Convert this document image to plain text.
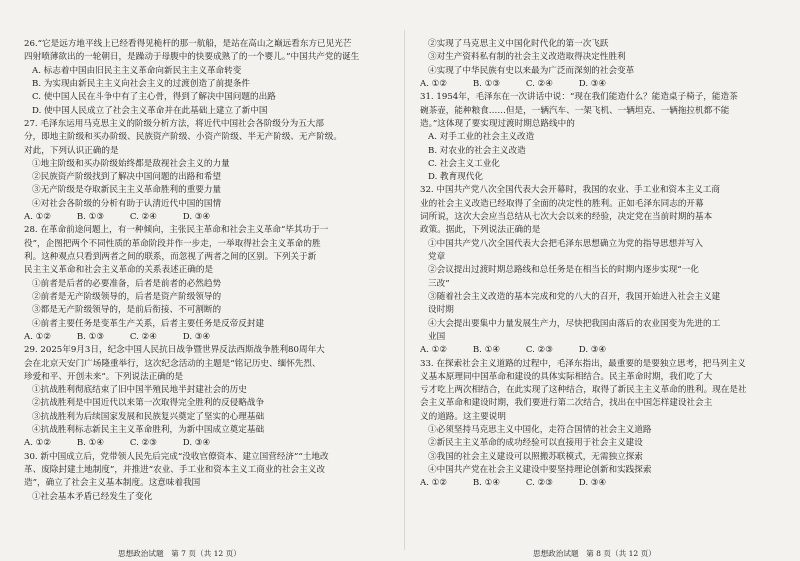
26.“它是远方地平线上已经看得见桅杆的那一航船，是站在高山之巅远看东方已见光芒
四射喷薄欲出的一轮朝日，是躁动于母腹中的快要成熟了的一个婴儿。”中国共产党的诞生
A. 标志着中国由旧民主主义革命向新民主主义革命转变
B. 为实现由新民主主义向社会主义的过渡创造了前提条件
C. 使中国人民在斗争中有了主心骨，得到了解决中国问题的出路
D. 使中国人民成立了社会主义革命并在此基础上建立了新中国
27. 毛泽东运用马克思主义的阶级分析方法，将近代中国社会各阶级分为五大部
分，即地主阶级和买办阶级、民族资产阶级、小资产阶级、半无产阶级、无产阶级。
对此，下列认识正确的是
①地主阶级和买办阶级始终都是敌视社会主义的力量
②民族资产阶级找到了解决中国问题的出路和希望
③无产阶级是夺取新民主主义革命胜利的重要力量
④对社会各阶级的分析有助于认清近代中国的国情
A. ①②　　　B. ①③　　　C. ②④　　　D. ③④
28. 在革命前途问题上，有一种倾向，主张民主革命和社会主义革命“毕其功于一
役”，企图把两个不同性质的革命阶段并作一步走，一举取得社会主义革命的胜
利。这种观点只看到两者之间的联系，而忽视了两者之间的区别。下列关于新
民主主义革命和社会主义革命的关系表述正确的是
①前者是后者的必要准备，后者是前者的必然趋势
②前者是无产阶级领导的，后者是资产阶级领导的
③都是无产阶级领导的，是前后衔接、不可割断的
④前者主要任务是变革生产关系，后者主要任务是反帝反封建
A. ①②　　　B. ①③　　　C. ②④　　　D. ③④
29. 2025年9月3日，纪念中国人民抗日战争暨世界反法西斯战争胜利80周年大
会在北京天安门广场隆重举行，这次纪念活动的主题是“铭记历史、缅怀先烈、
珍爱和平、开创未来”。下列说法正确的是
①抗战胜利彻底结束了旧中国半殖民地半封建社会的历史
②抗战胜利是中国近代以来第一次取得完全胜利的反侵略战争
③抗战胜利为后续国家发展和民族复兴奠定了坚实的心理基础
④抗战胜利标志新民主主义革命胜利，为新中国成立奠定基础
A. ①②　　　B. ①④　　　C. ②③　　　D. ③④
30. 新中国成立后，党带领人民先后完成“没收官僚资本、建立国营经济”“土地改
革、废除封建土地制度”，并推进“农业、手工业和资本主义工商业的社会主义改
造”，确立了社会主义基本制度。这意味着我国
①社会基本矛盾已经发生了变化
②实现了马克思主义中国化时代化的第一次飞跃
③对生产资料私有制的社会主义改造取得决定性胜利
④实现了中华民族有史以来最为广泛而深刻的社会变革
A. ①②　　　B. ①③　　　C. ②④　　　D. ③④
31. 1954年，毛泽东在一次讲话中说：“现在我们能造什么？能造桌子椅子，能造茶
碗茶壶，能种粮食……但是，一辆汽车、一架飞机、一辆坦克、一辆拖拉机都不能
造。”这体现了要实现过渡时期总路线中的
A. 对手工业的社会主义改造
B. 对农业的社会主义改造
C. 社会主义工业化
D. 教育现代化
32. 中国共产党八次全国代表大会开幕时，我国的农业、手工业和资本主义工商
业的社会主义改造已经取得了全面的决定性的胜利。正如毛泽东同志的开幕
词所说，这次大会应当总结从七次大会以来的经验，决定党在当前时期的基本
政策。据此，下列说法正确的是
①中国共产党八次全国代表大会把毛泽东思想确立为党的指导思想并写入
党章
②会议提出过渡时期总路线和总任务是在相当长的时期内逐步实现“一化
三改”
③随着社会主义改造的基本完成和党的八大的召开，我国开始进入社会主义建
设时期
④大会提出要集中力量发展生产力，尽快把我国由落后的农业国变为先进的工
业国
A. ①②　　　B. ①④　　　C. ②③　　　D. ③④
33. 在探索社会主义道路的过程中，毛泽东指出，最重要的是要独立思考，把马列主义
义基本原理同中国革命和建设的具体实际相结合。民主革命时期，我们吃了大
亏才吃上两次相结合，在此实现了这种结合，取得了新民主主义革命的胜利。现在是社
会主义革命和建设时期，我们要进行第二次结合，找出在中国怎样建设社会主
义的道路。这主要说明
①必须坚持马克思主义中国化，走符合国情的社会主义道路
②新民主主义革命的成功经验可以直接用于社会主义建设
③我国的社会主义建设可以照搬苏联模式，无需独立探索
④中国共产党在社会主义建设中要坚持理论创新和实践探索
A. ①②　　　B. ①④　　　C. ②③　　　D. ③④
思想政治试题　第 7 页（共 12 页）	思想政治试题　第 8 页（共 12 页）
